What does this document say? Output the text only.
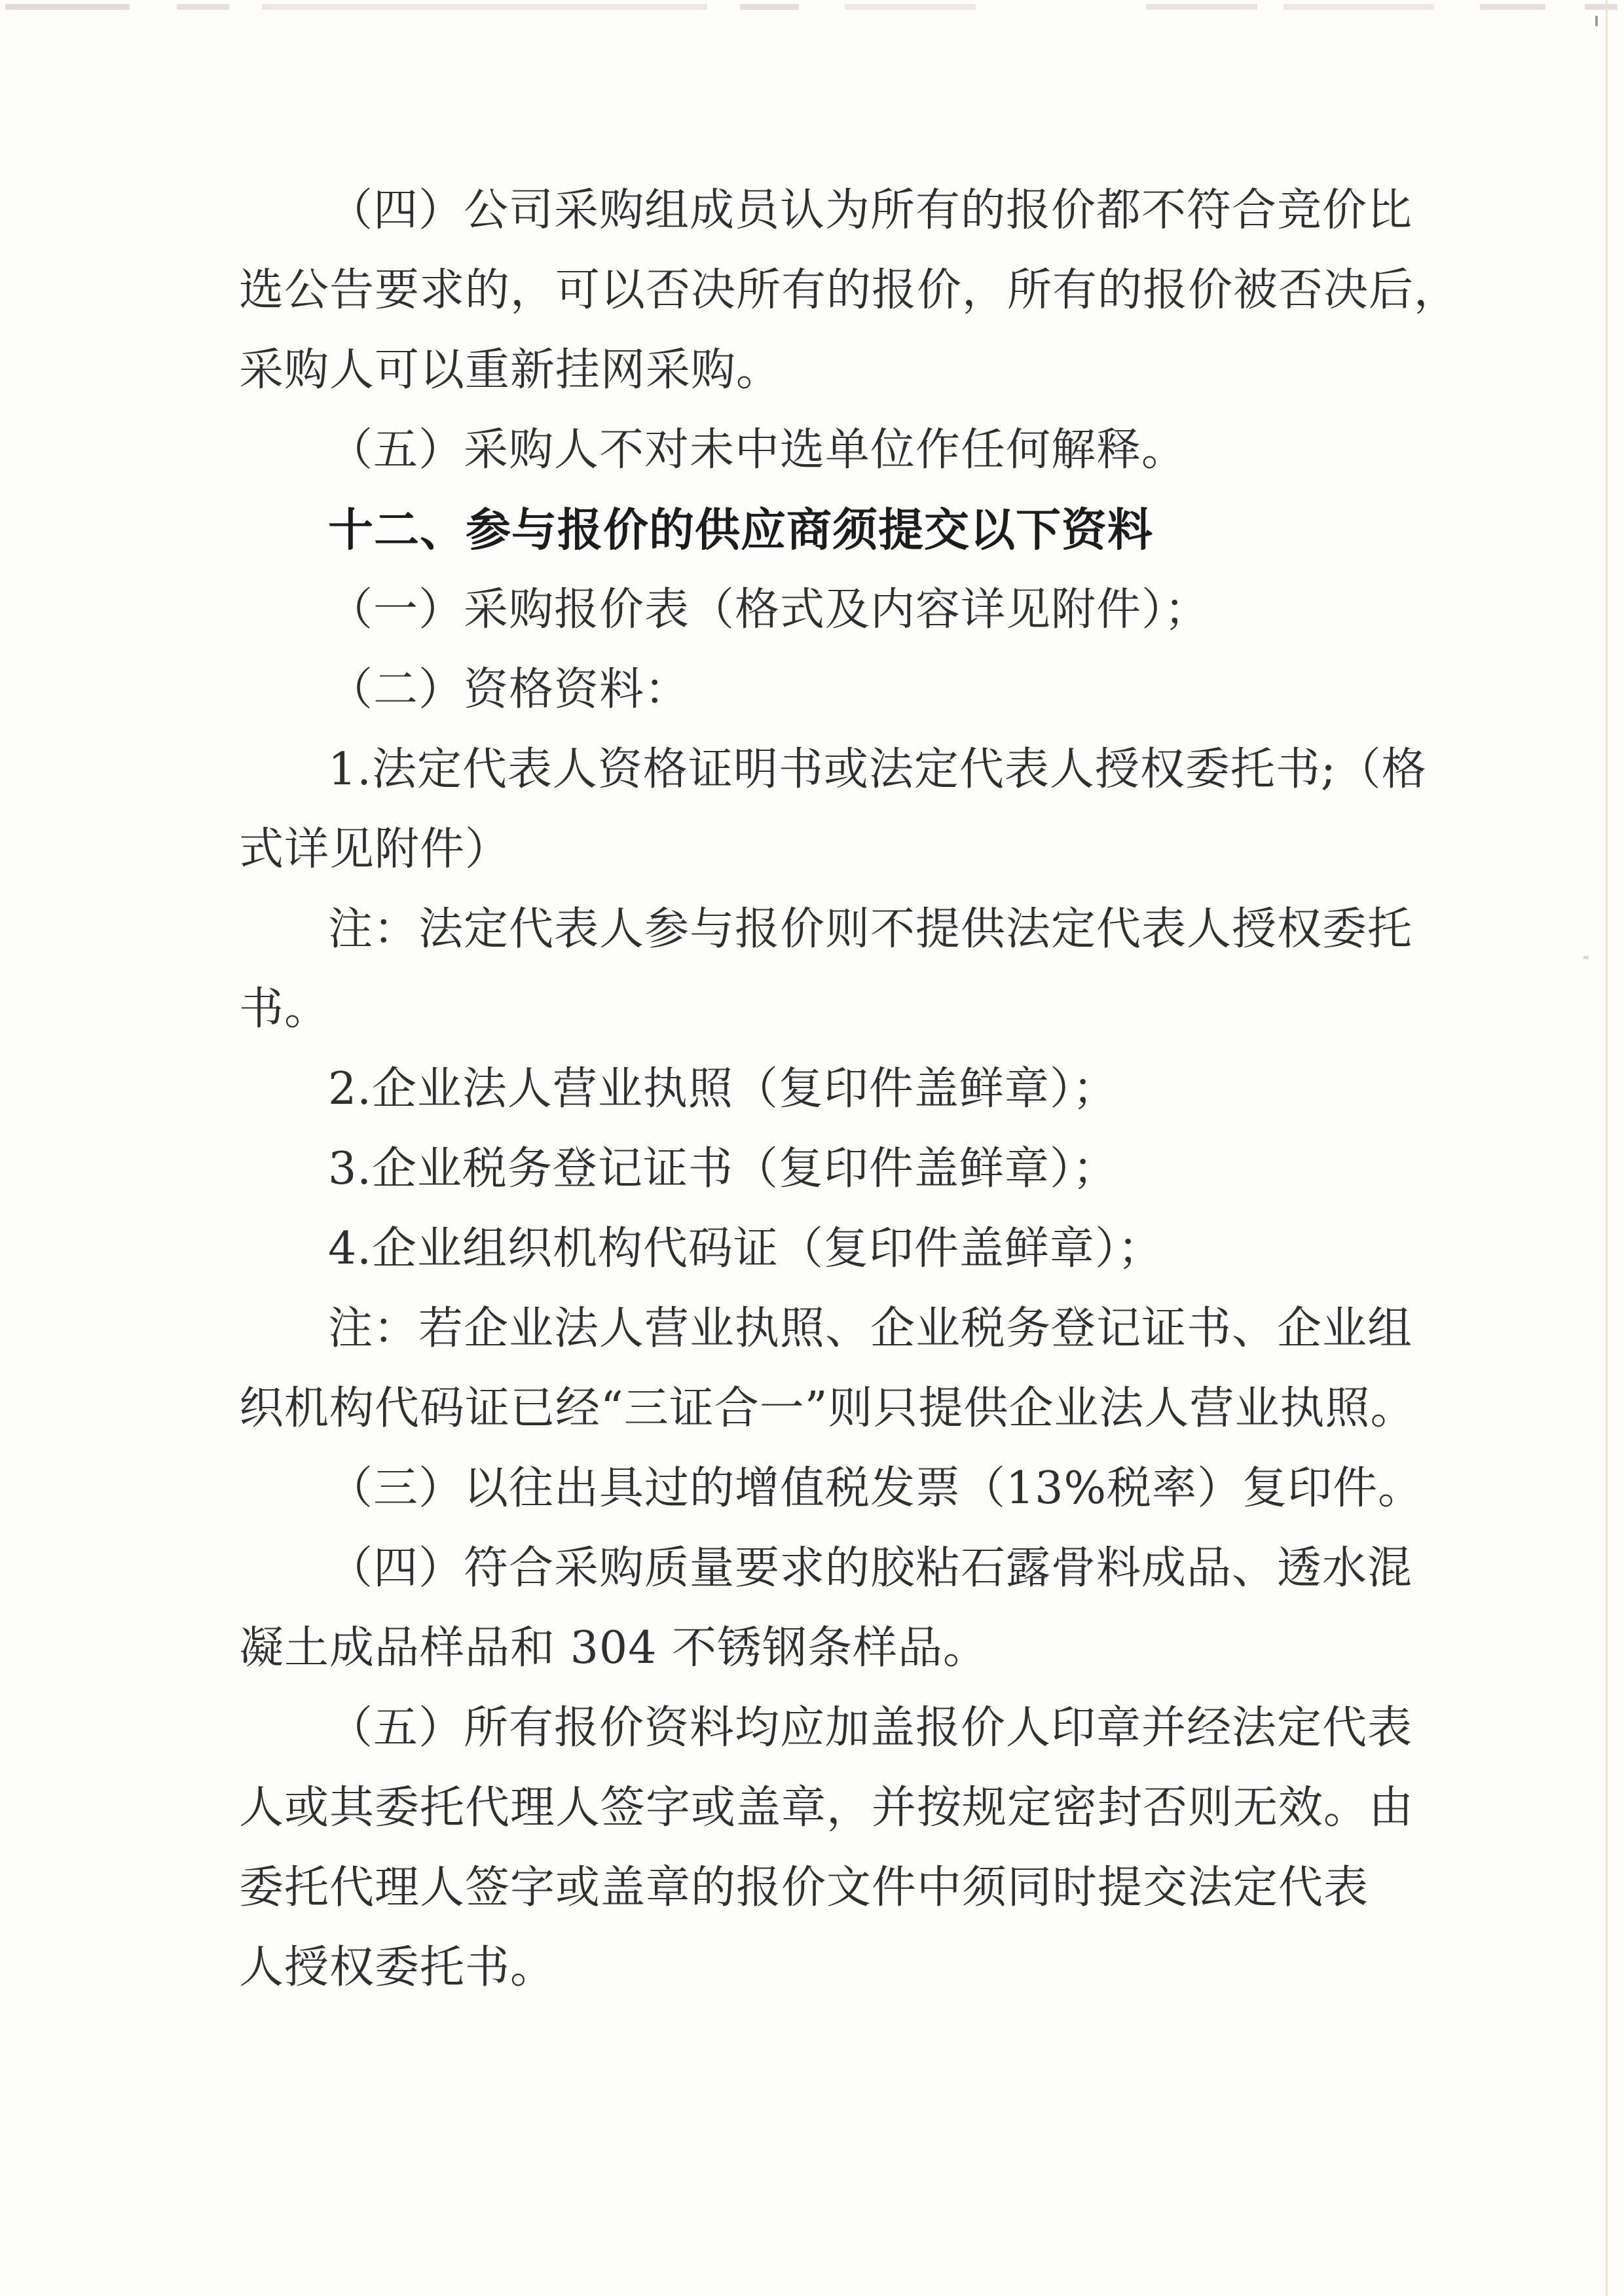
（四）公司采购组成员认为所有的报价都不符合竞价比
选公告要求的，可以否决所有的报价，所有的报价被否决后，
采购人可以重新挂网采购。
（五）采购人不对未中选单位作任何解释。
十二、参与报价的供应商须提交以下资料
（一）采购报价表（格式及内容详见附件）；
（二）资格资料：
1.法定代表人资格证明书或法定代表人授权委托书;（格
式详见附件）
注：法定代表人参与报价则不提供法定代表人授权委托
书。
2.企业法人营业执照（复印件盖鲜章）；
3.企业税务登记证书（复印件盖鲜章）；
4.企业组织机构代码证（复印件盖鲜章）；
注：若企业法人营业执照、企业税务登记证书、企业组
织机构代码证已经“三证合一”则只提供企业法人营业执照。
（三）以往出具过的增值税发票（13%税率）复印件。
（四）符合采购质量要求的胶粘石露骨料成品、透水混
凝土成品样品和 304 不锈钢条样品。
（五）所有报价资料均应加盖报价人印章并经法定代表
人或其委托代理人签字或盖章，并按规定密封否则无效。由
委托代理人签字或盖章的报价文件中须同时提交法定代表
人授权委托书。
